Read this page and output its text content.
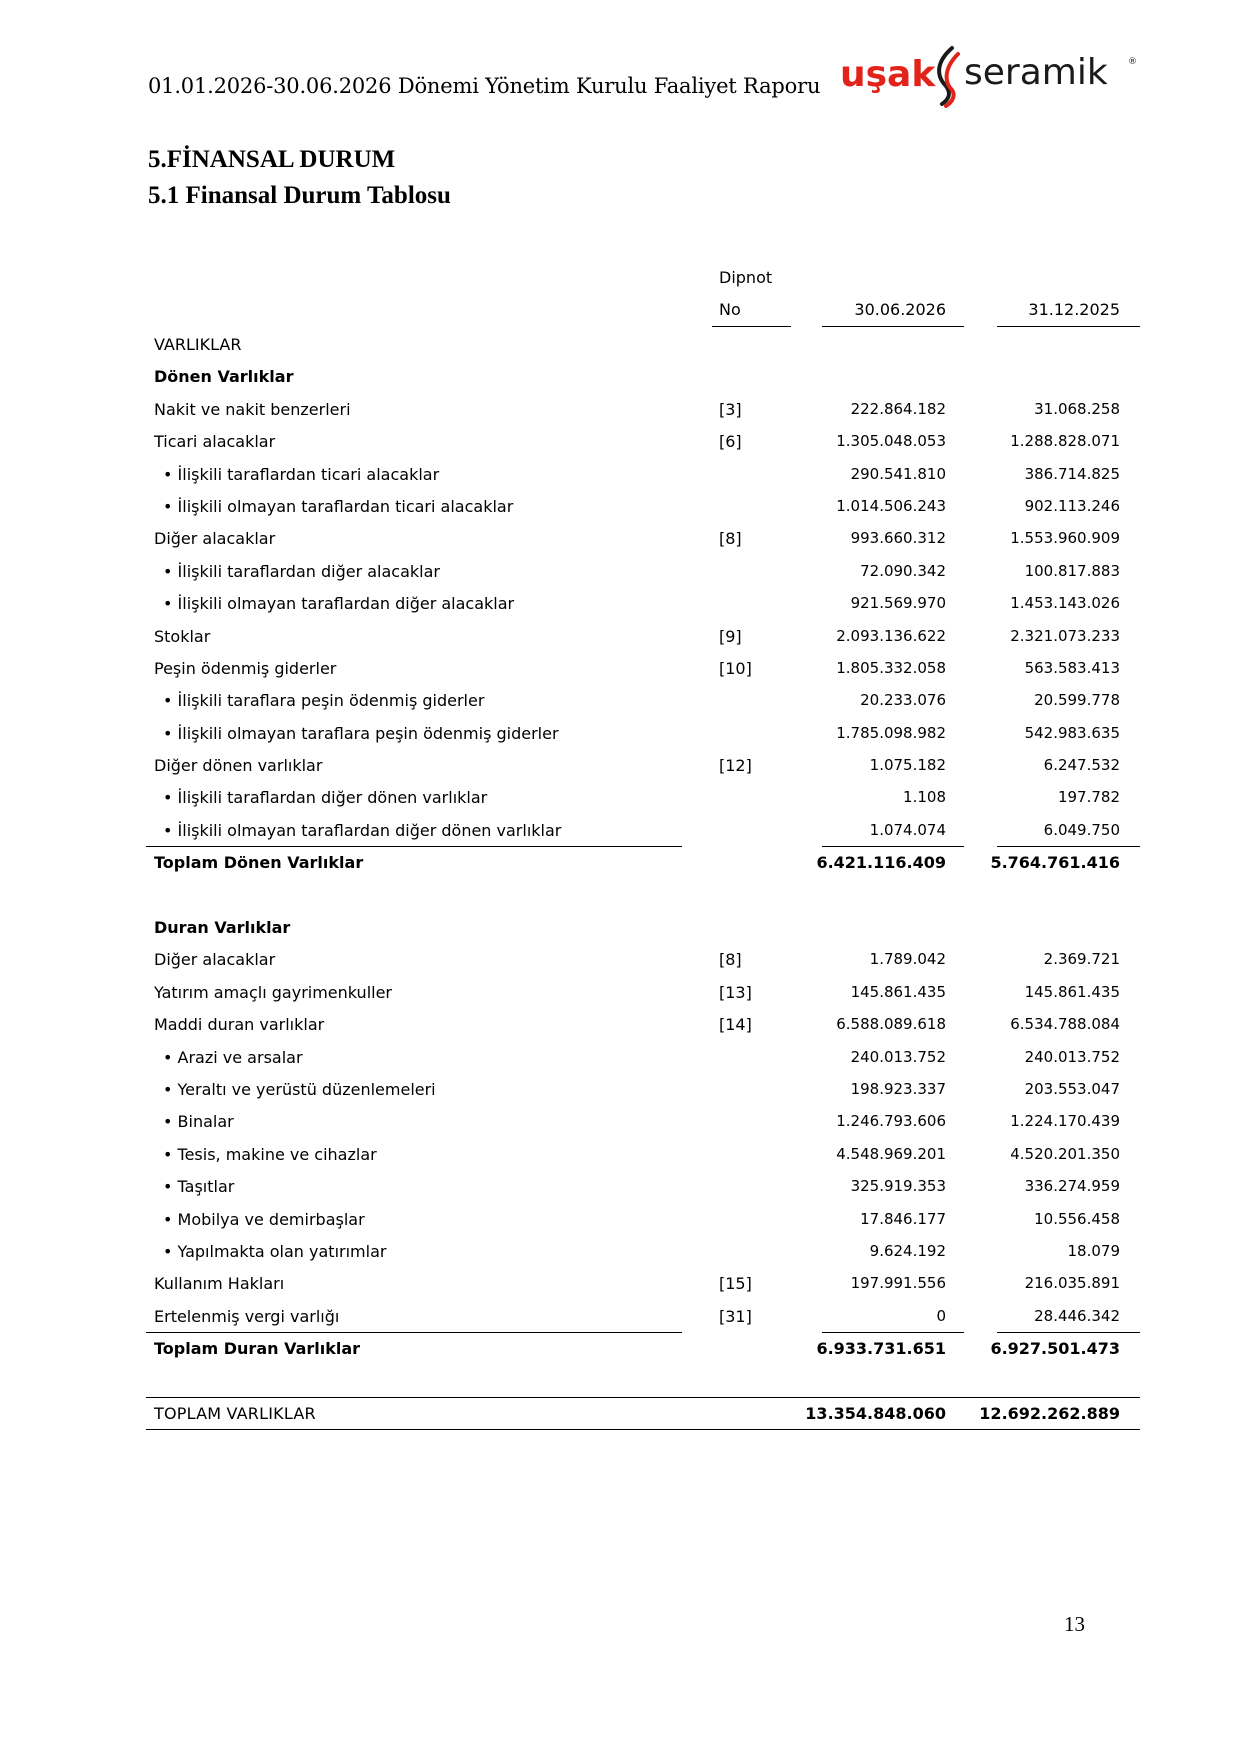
01.01.2026-30.06.2026 Dönemi Yönetim Kurulu Faaliyet Raporu uşak seramik ®
5.FİNANSAL DURUM
5.1 Finansal Durum Tablosu
Dipnot
No	30.06.2026	31.12.2025
VARLIKLAR
Dönen Varlıklar
Nakit ve nakit benzerleri	[3]	222.864.182	31.068.258
Ticari alacaklar	[6]	1.305.048.053	1.288.828.071
• İlişkili taraflardan ticari alacaklar	290.541.810	386.714.825
• İlişkili olmayan taraflardan ticari alacaklar	1.014.506.243	902.113.246
Diğer alacaklar	[8]	993.660.312	1.553.960.909
• İlişkili taraflardan diğer alacaklar	72.090.342	100.817.883
• İlişkili olmayan taraflardan diğer alacaklar	921.569.970	1.453.143.026
Stoklar	[9]	2.093.136.622	2.321.073.233
Peşin ödenmiş giderler	[10]	1.805.332.058	563.583.413
• İlişkili taraflara peşin ödenmiş giderler	20.233.076	20.599.778
• İlişkili olmayan taraflara peşin ödenmiş giderler	1.785.098.982	542.983.635
Diğer dönen varlıklar	[12]	1.075.182	6.247.532
• İlişkili taraflardan diğer dönen varlıklar	1.108	197.782
• İlişkili olmayan taraflardan diğer dönen varlıklar	1.074.074	6.049.750
Toplam Dönen Varlıklar	6.421.116.409	5.764.761.416
Duran Varlıklar
Diğer alacaklar	[8]	1.789.042	2.369.721
Yatırım amaçlı gayrimenkuller	[13]	145.861.435	145.861.435
Maddi duran varlıklar	[14]	6.588.089.618	6.534.788.084
• Arazi ve arsalar	240.013.752	240.013.752
• Yeraltı ve yerüstü düzenlemeleri	198.923.337	203.553.047
• Binalar	1.246.793.606	1.224.170.439
• Tesis, makine ve cihazlar	4.548.969.201	4.520.201.350
• Taşıtlar	325.919.353	336.274.959
• Mobilya ve demirbaşlar	17.846.177	10.556.458
• Yapılmakta olan yatırımlar	9.624.192	18.079
Kullanım Hakları	[15]	197.991.556	216.035.891
Ertelenmiş vergi varlığı	[31]	0	28.446.342
Toplam Duran Varlıklar	6.933.731.651	6.927.501.473
TOPLAM VARLIKLAR	13.354.848.060 12.692.262.889
13
